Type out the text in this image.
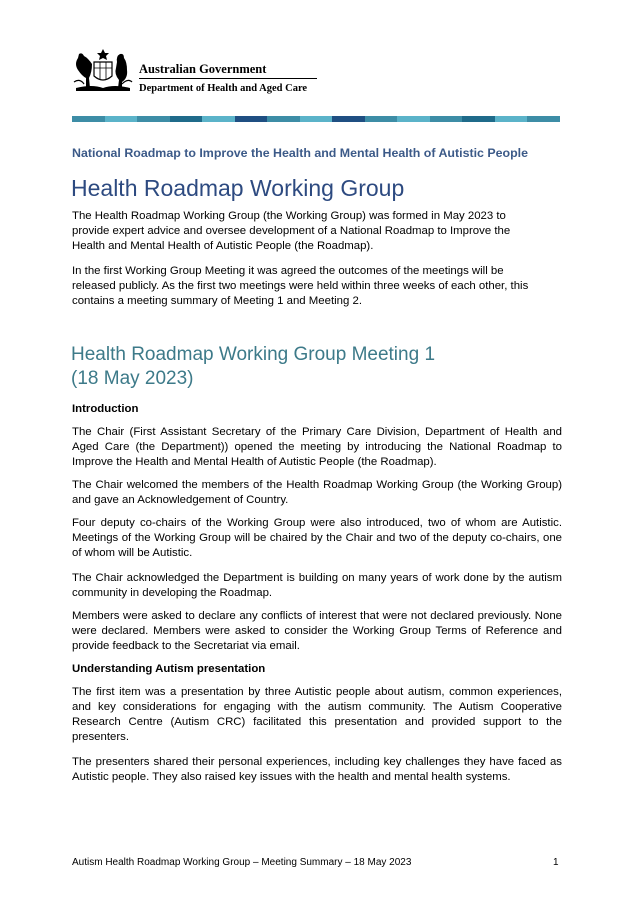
Australian Government
Department of Health and Aged Care
National Roadmap to Improve the Health and Mental Health of Autistic People
Health Roadmap Working Group

The Health Roadmap Working Group (the Working Group) was formed in May 2023 to
provide expert advice and oversee development of a National Roadmap to Improve the
Health and Mental Health of Autistic People (the Roadmap).

In the first Working Group Meeting it was agreed the outcomes of the meetings will be
released publicly. As the first two meetings were held within three weeks of each other, this
contains a meeting summary of Meeting 1 and Meeting 2.

Health Roadmap Working Group Meeting 1
(18 May 2023)
Introduction

The Chair (First Assistant Secretary of the Primary Care Division, Department of Health and Aged Care (the Department)) opened the meeting by introducing the National Roadmap to Improve the Health and Mental Health of Autistic People (the Roadmap).

The Chair welcomed the members of the Health Roadmap Working Group (the Working Group) and gave an Acknowledgement of Country.

Four deputy co-chairs of the Working Group were also introduced, two of whom are Autistic. Meetings of the Working Group will be chaired by the Chair and two of the deputy co-chairs, one of whom will be Autistic.

The Chair acknowledged the Department is building on many years of work done by the autism community in developing the Roadmap.

Members were asked to declare any conflicts of interest that were not declared previously. None were declared. Members were asked to consider the Working Group Terms of Reference and provide feedback to the Secretariat via email.

Understanding Autism presentation

The first item was a presentation by three Autistic people about autism, common experiences, and key considerations for engaging with the autism community. The Autism Cooperative Research Centre (Autism CRC) facilitated this presentation and provided support to the presenters.

The presenters shared their personal experiences, including key challenges they have faced as Autistic people. They also raised key issues with the health and mental health systems.

Autism Health Roadmap Working Group – Meeting Summary – 18 May 2023	1
